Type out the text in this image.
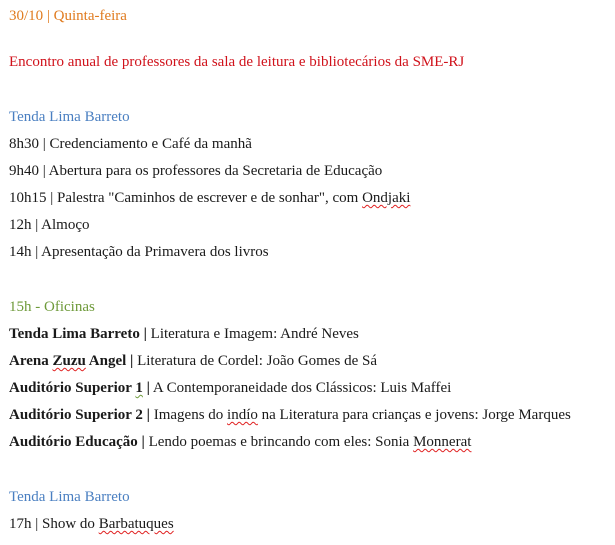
30/10 | Quinta-feira
Encontro anual de professores da sala de leitura e bibliotecários da SME-RJ
Tenda Lima Barreto
8h30 | Credenciamento e Café da manhã
9h40 | Abertura para os professores da Secretaria de Educação
10h15 | Palestra "Caminhos de escrever e de sonhar", com Ondjaki
12h | Almoço
14h | Apresentação da Primavera dos livros
15h - Oficinas
Tenda Lima Barreto | Literatura e Imagem: André Neves
Arena Zuzu Angel | Literatura de Cordel: João Gomes de Sá
Auditório Superior 1 | A Contemporaneidade dos Clássicos: Luis Maffei
Auditório Superior 2 | Imagens do indío na Literatura para crianças e jovens: Jorge Marques
Auditório Educação | Lendo poemas e brincando com eles: Sonia Monnerat
Tenda Lima Barreto
17h | Show do Barbatuques
